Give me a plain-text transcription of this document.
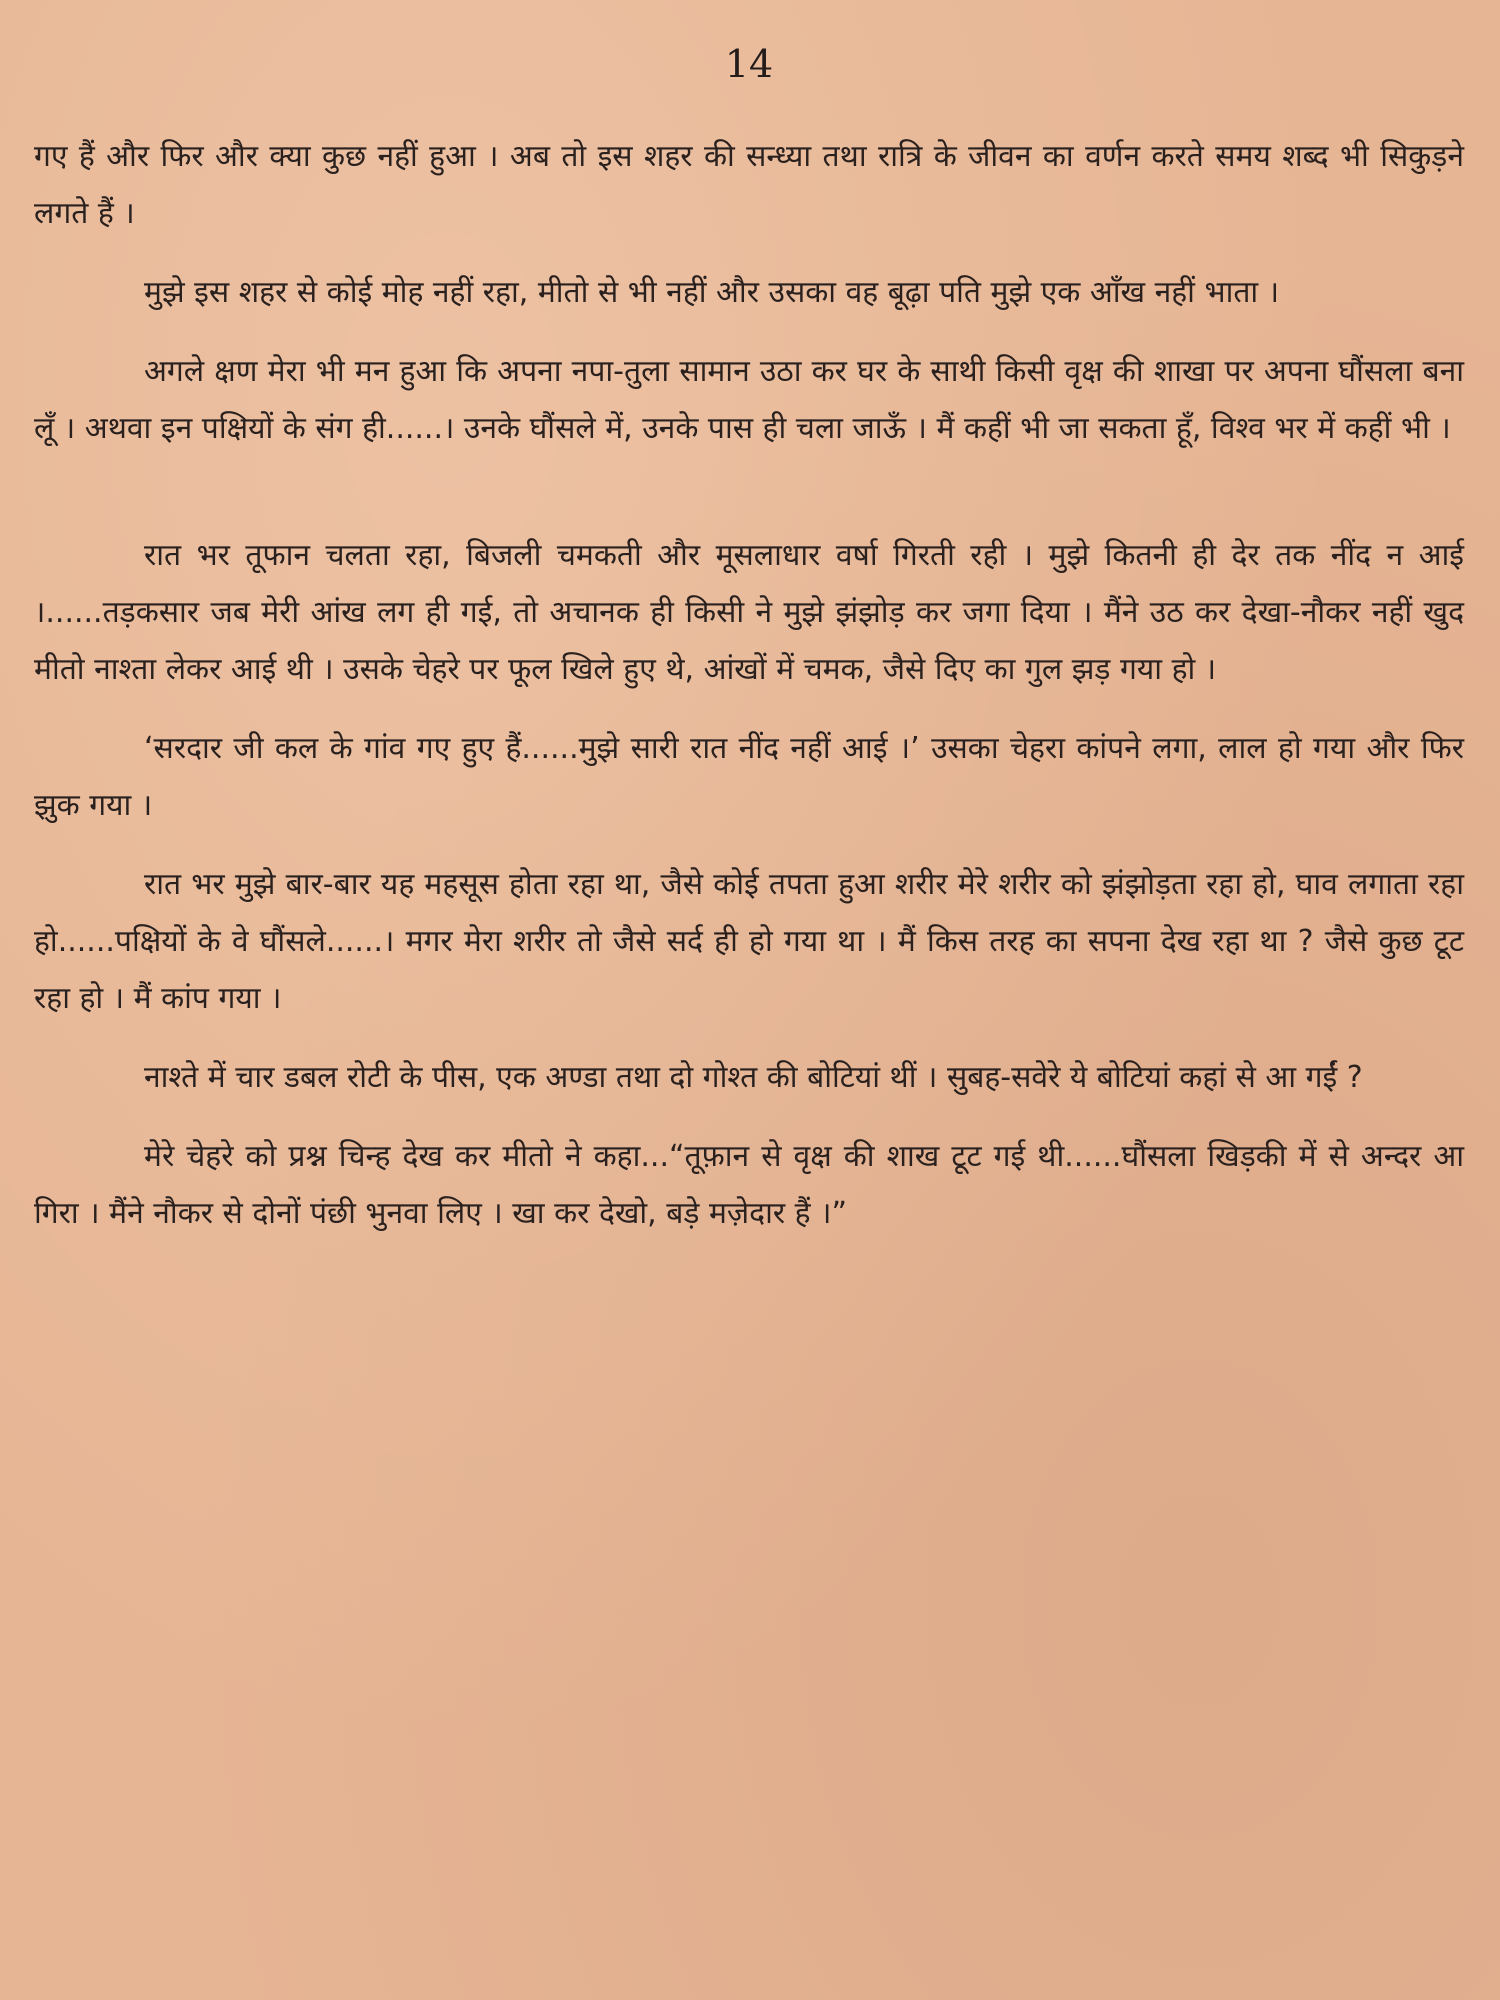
14

गए हैं और फिर और क्या कुछ नहीं हुआ । अब तो इस शहर की सन्ध्या तथा रात्रि के जीवन का वर्णन करते समय शब्द भी सिकुड़ने लगते हैं ।

मुझे इस शहर से कोई मोह नहीं रहा, मीतो से भी नहीं और उसका वह बूढ़ा पति मुझे एक आँख नहीं भाता ।

अगले क्षण मेरा भी मन हुआ कि अपना नपा-तुला सामान उठा कर घर के साथी किसी वृक्ष की शाखा पर अपना घौंसला बना लूँ । अथवा इन पक्षियों के संग ही......। उनके घौंसले में, उनके पास ही चला जाऊँ । मैं कहीं भी जा सकता हूँ, विश्व भर में कहीं भी ।

रात भर तूफान चलता रहा, बिजली चमकती और मूसलाधार वर्षा गिरती रही । मुझे कितनी ही देर तक नींद न आई ।......तड़कसार जब मेरी आंख लग ही गई, तो अचानक ही किसी ने मुझे झंझोड़ कर जगा दिया । मैंने उठ कर देखा-नौकर नहीं खुद मीतो नाश्ता लेकर आई थी । उसके चेहरे पर फूल खिले हुए थे, आंखों में चमक, जैसे दिए का गुल झड़ गया हो ।

‘सरदार जी कल के गांव गए हुए हैं......मुझे सारी रात नींद नहीं आई ।’ उसका चेहरा कांपने लगा, लाल हो गया और फिर झुक गया ।

रात भर मुझे बार-बार यह महसूस होता रहा था, जैसे कोई तपता हुआ शरीर मेरे शरीर को झंझोड़ता रहा हो, घाव लगाता रहा हो......पक्षियों के वे घौंसले......। मगर मेरा शरीर तो जैसे सर्द ही हो गया था । मैं किस तरह का सपना देख रहा था ? जैसे कुछ टूट रहा हो । मैं कांप गया ।

नाश्ते में चार डबल रोटी के पीस, एक अण्डा तथा दो गोश्त की बोटियां थीं । सुबह-सवेरे ये बोटियां कहां से आ गईं ?

मेरे चेहरे को प्रश्न चिन्ह देख कर मीतो ने कहा...“तूफ़ान से वृक्ष की शाख टूट गई थी......घौंसला खिड़की में से अन्दर आ गिरा । मैंने नौकर से दोनों पंछी भुनवा लिए । खा कर देखो, बड़े मज़ेदार हैं ।”
